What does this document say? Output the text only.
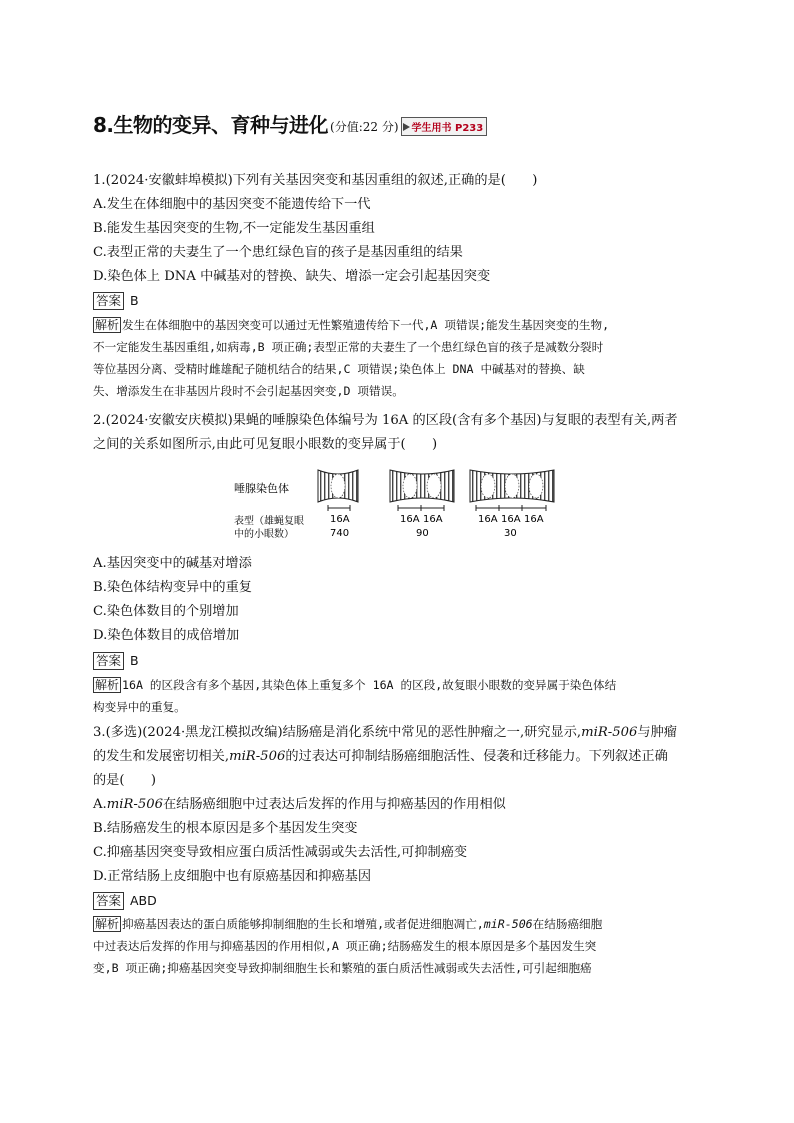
8.生物的变异、育种与进化 (分值:22 分) 学生用书 P233
1.(2024·安徽蚌埠模拟)下列有关基因突变和基因重组的叙述,正确的是(　　)
A.发生在体细胞中的基因突变不能遗传给下一代
B.能发生基因突变的生物,不一定能发生基因重组
C.表型正常的夫妻生了一个患红绿色盲的孩子是基因重组的结果
D.染色体上 DNA 中碱基对的替换、缺失、增添一定会引起基因突变
答案 B
解析 发生在体细胞中的基因突变可以通过无性繁殖遗传给下一代,A 项错误;能发生基因突变的生物,
不一定能发生基因重组,如病毒,B 项正确;表型正常的夫妻生了一个患红绿色盲的孩子是减数分裂时
等位基因分离、受精时雌雄配子随机结合的结果,C 项错误;染色体上 DNA 中碱基对的替换、缺
失、增添发生在非基因片段时不会引起基因突变,D 项错误。
2.(2024·安徽安庆模拟)果蝇的唾腺染色体编号为 16A 的区段(含有多个基因)与复眼的表型有关,两者
之间的关系如图所示,由此可见复眼小眼数的变异属于(　　)
唾腺染色体
表型（雄蝇复眼
中的小眼数）
16A
740
16A 16A
90
16A 16A 16A
30
A.基因突变中的碱基对增添
B.染色体结构变异中的重复
C.染色体数目的个别增加
D.染色体数目的成倍增加
答案 B
解析 16A 的区段含有多个基因,其染色体上重复多个 16A 的区段,故复眼小眼数的变异属于染色体结
构变异中的重复。
3.(多选)(2024·黑龙江模拟改编)结肠癌是消化系统中常见的恶性肿瘤之一,研究显示,miR-506与肿瘤
的发生和发展密切相关,miR-506的过表达可抑制结肠癌细胞活性、侵袭和迁移能力。下列叙述正确
的是(　　)
A.miR-506在结肠癌细胞中过表达后发挥的作用与抑癌基因的作用相似
B.结肠癌发生的根本原因是多个基因发生突变
C.抑癌基因突变导致相应蛋白质活性减弱或失去活性,可抑制癌变
D.正常结肠上皮细胞中也有原癌基因和抑癌基因
答案 ABD
解析 抑癌基因表达的蛋白质能够抑制细胞的生长和增殖,或者促进细胞凋亡,miR-506在结肠癌细胞
中过表达后发挥的作用与抑癌基因的作用相似,A 项正确;结肠癌发生的根本原因是多个基因发生突
变,B 项正确;抑癌基因突变导致抑制细胞生长和繁殖的蛋白质活性减弱或失去活性,可引起细胞癌
